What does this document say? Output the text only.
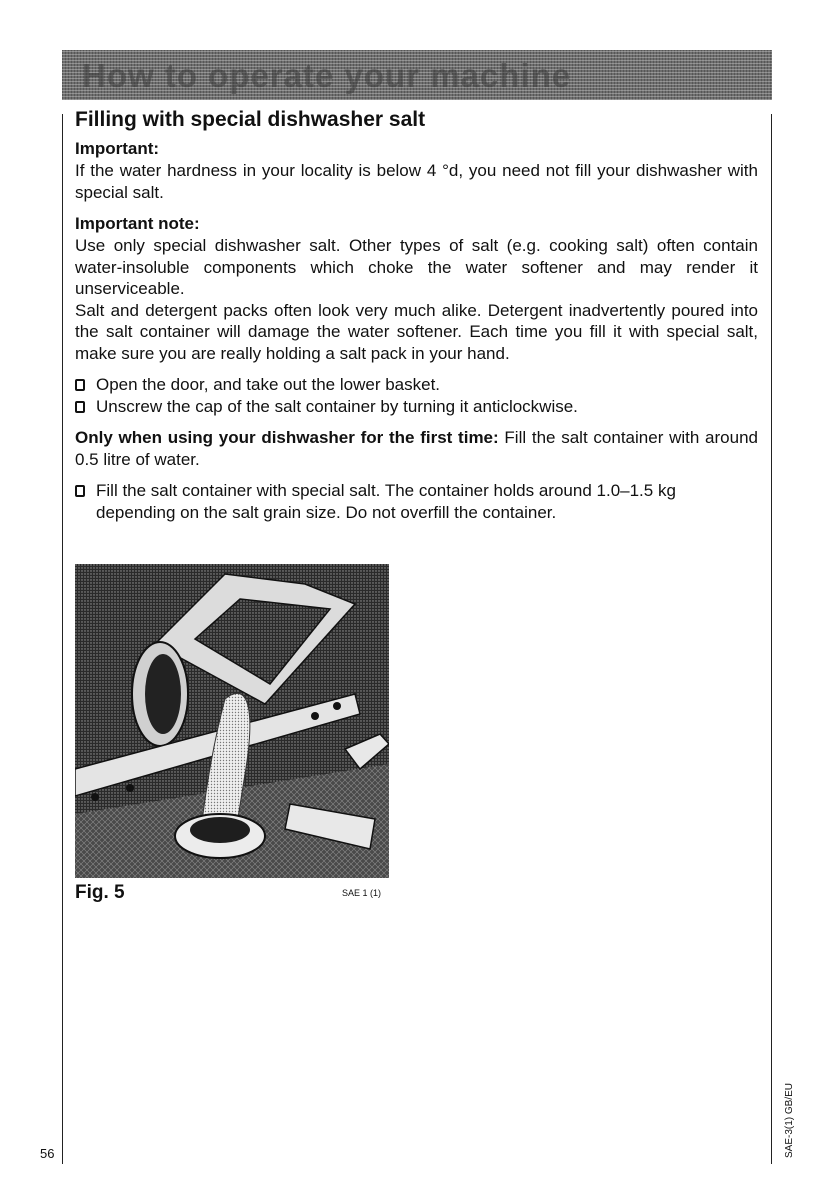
How to operate your machine
Filling with special dishwasher salt
Important:

If the water hardness in your locality is below 4 °d, you need not fill your dishwasher with special salt.

Important note:

Use only special dishwasher salt. Other types of salt (e.g. cooking salt) often contain water-insoluble components which choke the water softener and may render it unserviceable.

Salt and detergent packs often look very much alike. Detergent inadvertently poured into the salt container will damage the water softener. Each time you fill it with special salt, make sure you are really holding a salt pack in your hand.

Open the door, and take out the lower basket.
Unscrew the cap of the salt container by turning it anticlockwise.

Only when using your dishwasher for the first time: Fill the salt container with around 0.5 litre of water.

Fill the salt container with special salt. The container holds around 1.0–1.5 kg depending on the salt grain size. Do not overfill the container.
Fig. 5	SAE 1 (1)
56	SAE-3(1) GB/EU
